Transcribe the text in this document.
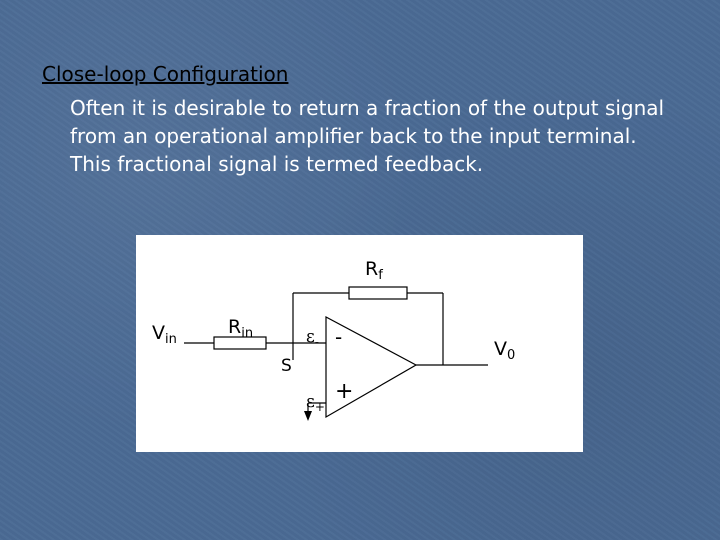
Close-loop Configuration

Often it is desirable to return a fraction of the output signal from an operational amplifier back to the input terminal. This fractional signal is termed feedback.

$V_{in}$
$R_{in}$
$R_f$
$V_0$
S
$\varepsilon_-$
$\varepsilon_+$
-
+
